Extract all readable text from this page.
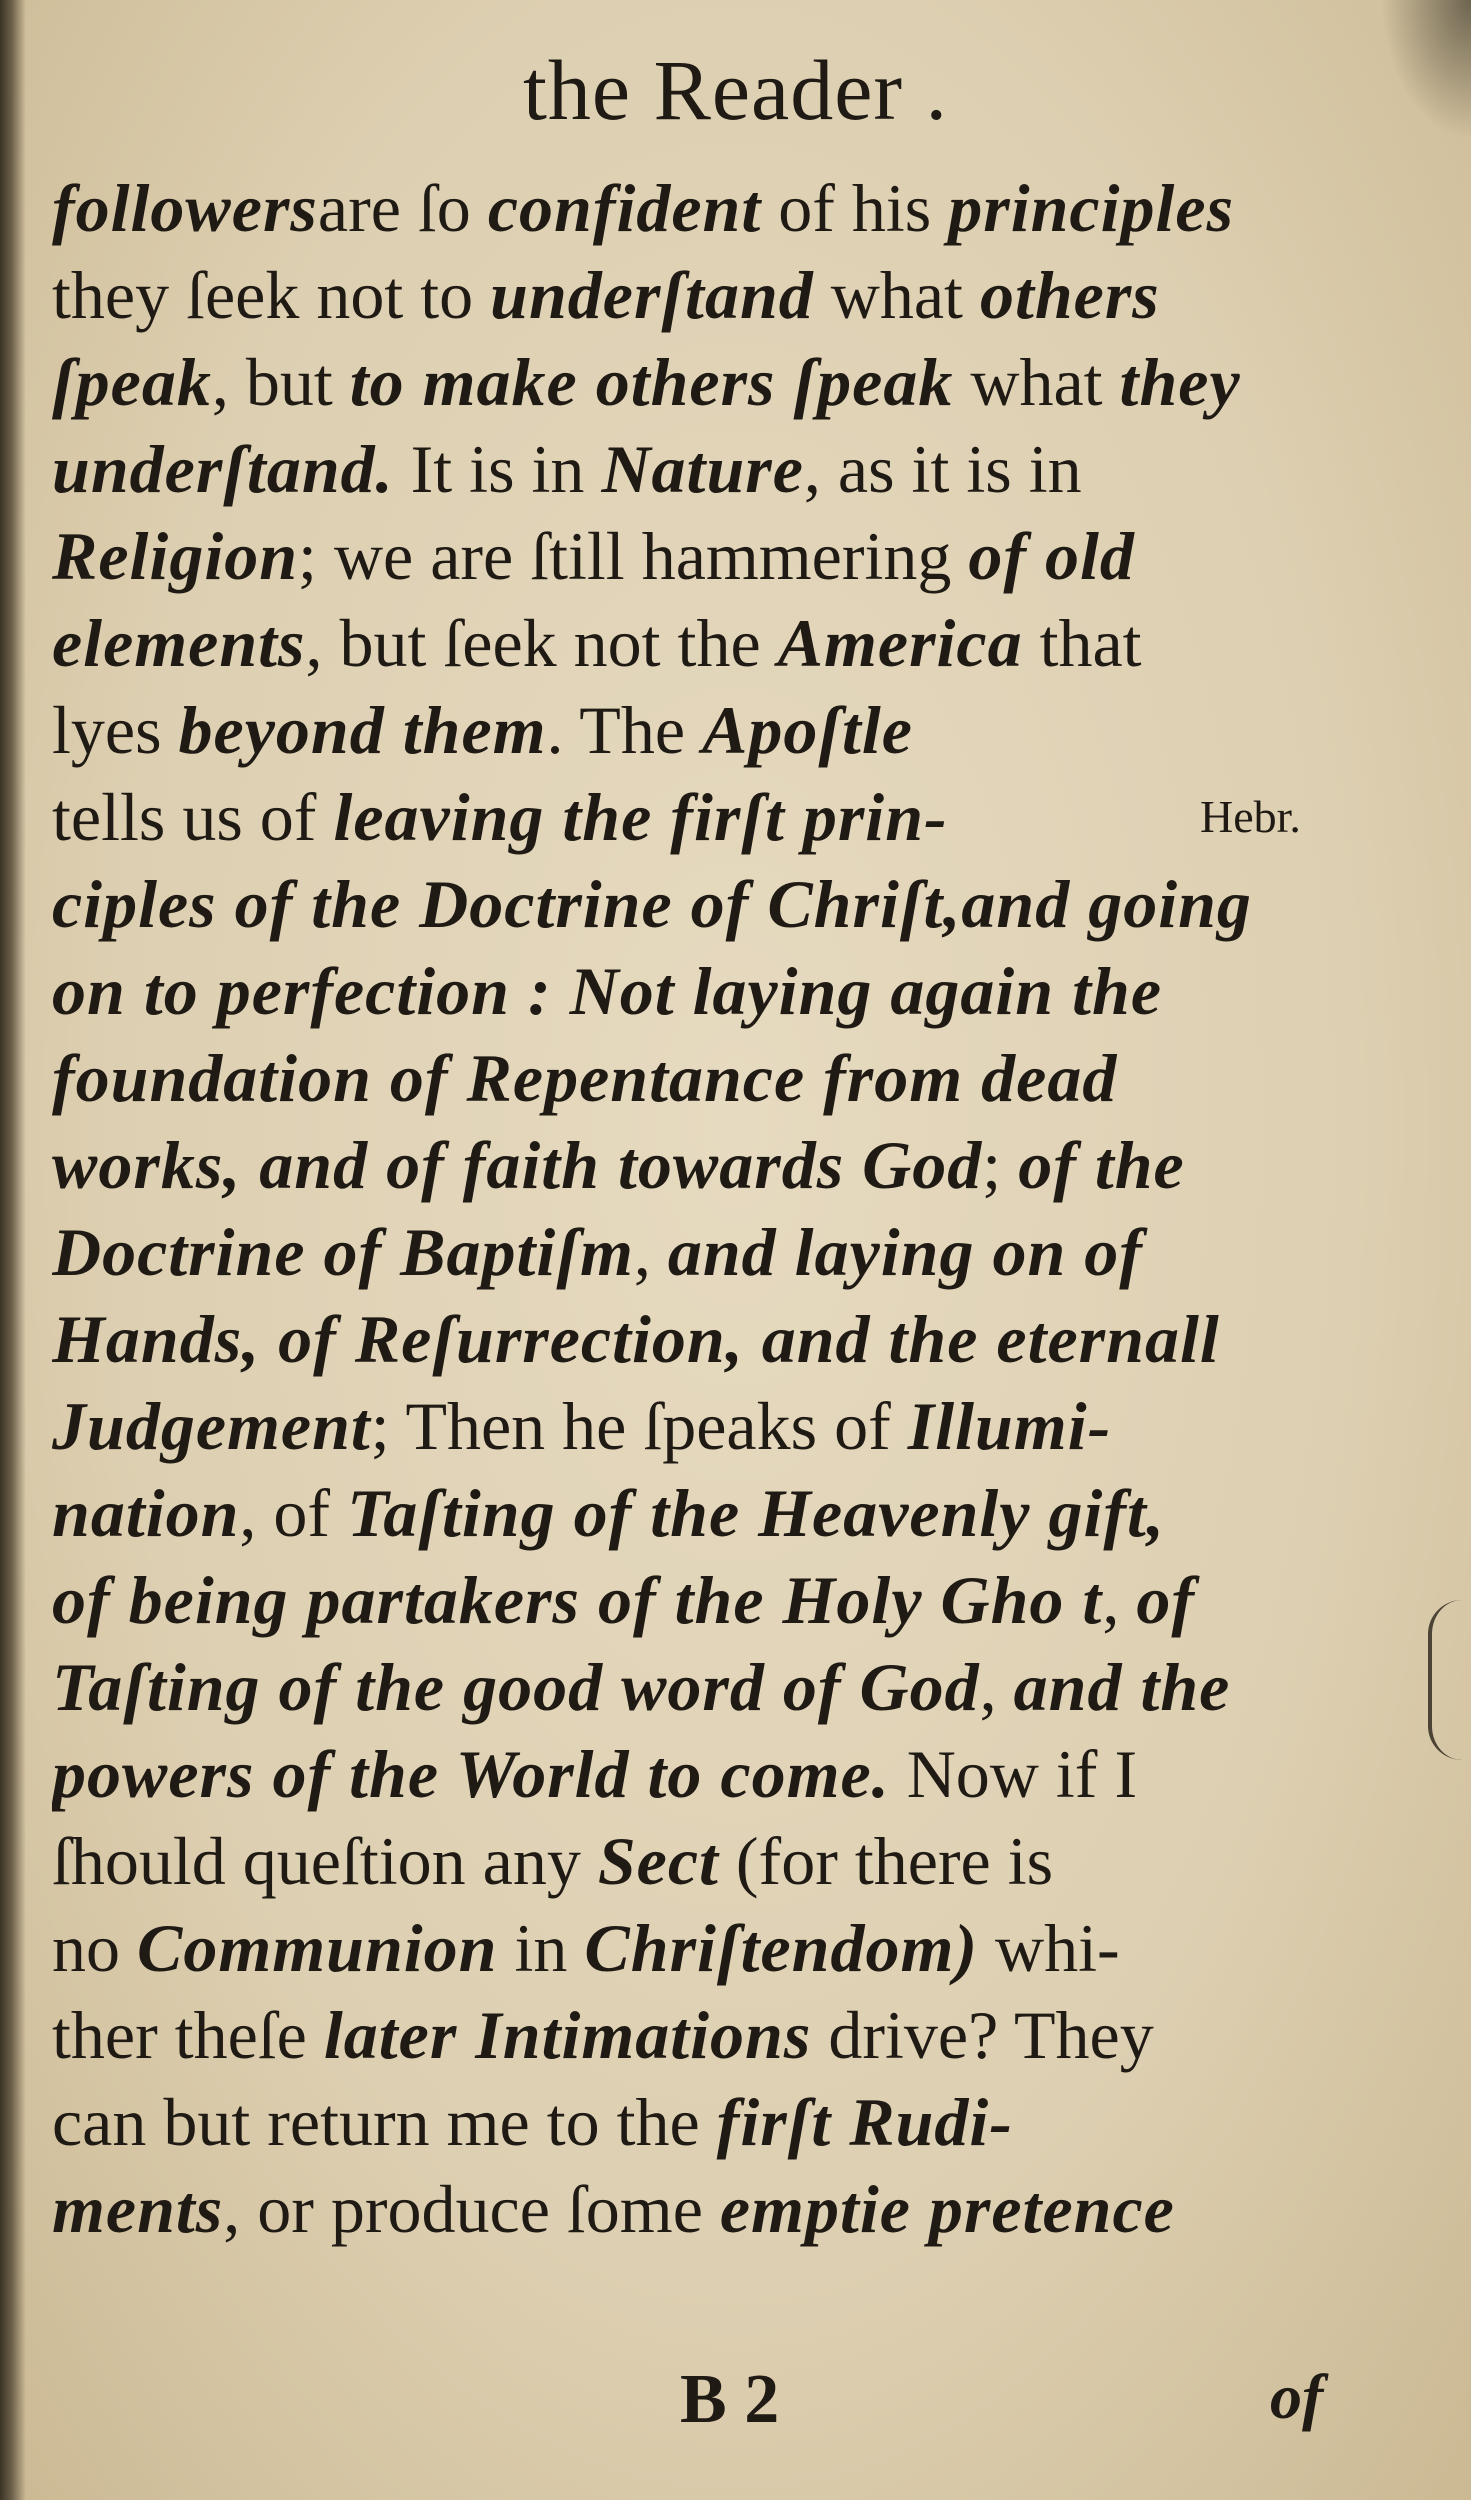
the Reader .
followersare ſo confident of his principles
they ſeek not to underſtand what others
ſpeak, but to make others ſpeak what they
underſtand. It is in Nature, as it is in
Religion; we are ſtill hammering of old
elements, but ſeek not the America that
lyes beyond them. The Apoſtle
tells us of leaving the firſt prin-
ciples of the Doctrine of Chriſt,and going
on to perfection : Not laying again the
foundation of Repentance from dead
works, and of faith towards God; of the
Doctrine of Baptiſm, and laying on of
Hands, of Reſurrection, and the eternall
Judgement; Then he ſpeaks of Illumi-
nation, of Taſting of the Heavenly gift,
of being partakers of the Holy Gho t, of
Taſting of the good word of God, and the
powers of the World to come. Now if I
ſhould queſtion any Sect (for there is
no Communion in Chriſtendom) whi-
ther theſe later Intimations drive? They
can but return me to the firſt Rudi-
ments, or produce ſome emptie pretence
Hebr.
B 2	of
